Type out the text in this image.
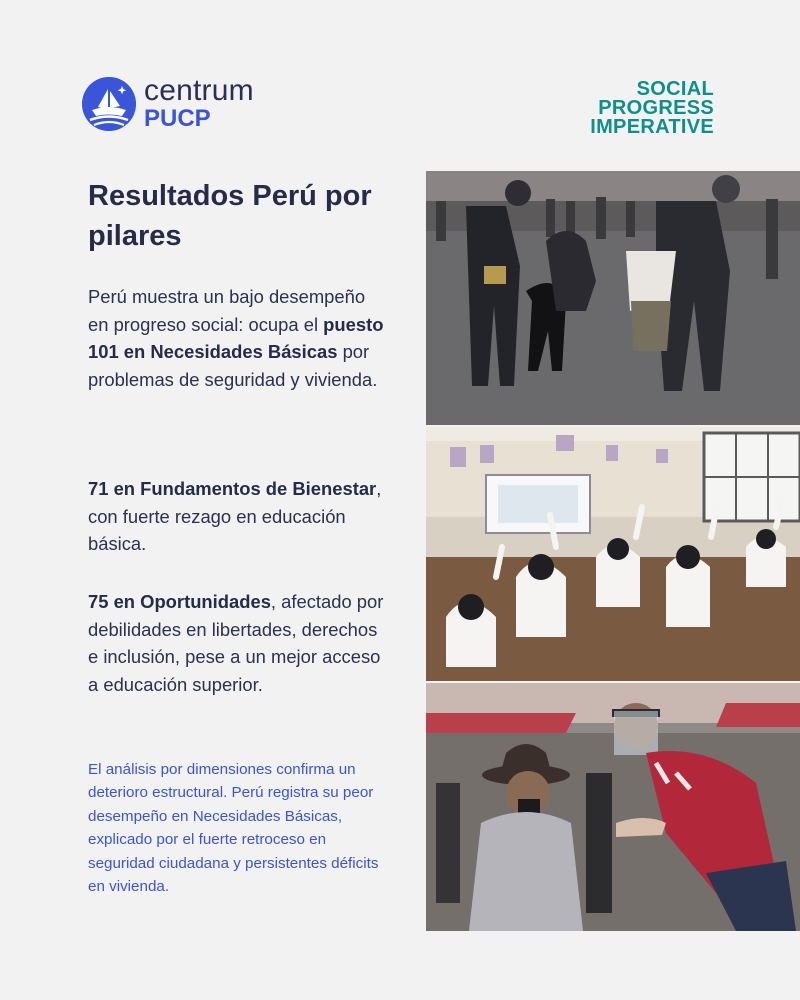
centrum
PUCP
SOCIAL
PROGRESS
IMPERATIVE
Resultados Perú por pilares

Perú muestra un bajo desempeño en progreso social: ocupa el puesto 101 en Necesidades Básicas por problemas de seguridad y vivienda.

71 en Fundamentos de Bienestar, con fuerte rezago en educación básica.

75 en Oportunidades, afectado por debilidades en libertades, derechos e inclusión, pese a un mejor acceso a educación superior.

El análisis por dimensiones confirma un deterioro estructural. Perú registra su peor desempeño en Necesidades Básicas, explicado por el fuerte retroceso en seguridad ciudadana y persistentes déficits en vivienda.
